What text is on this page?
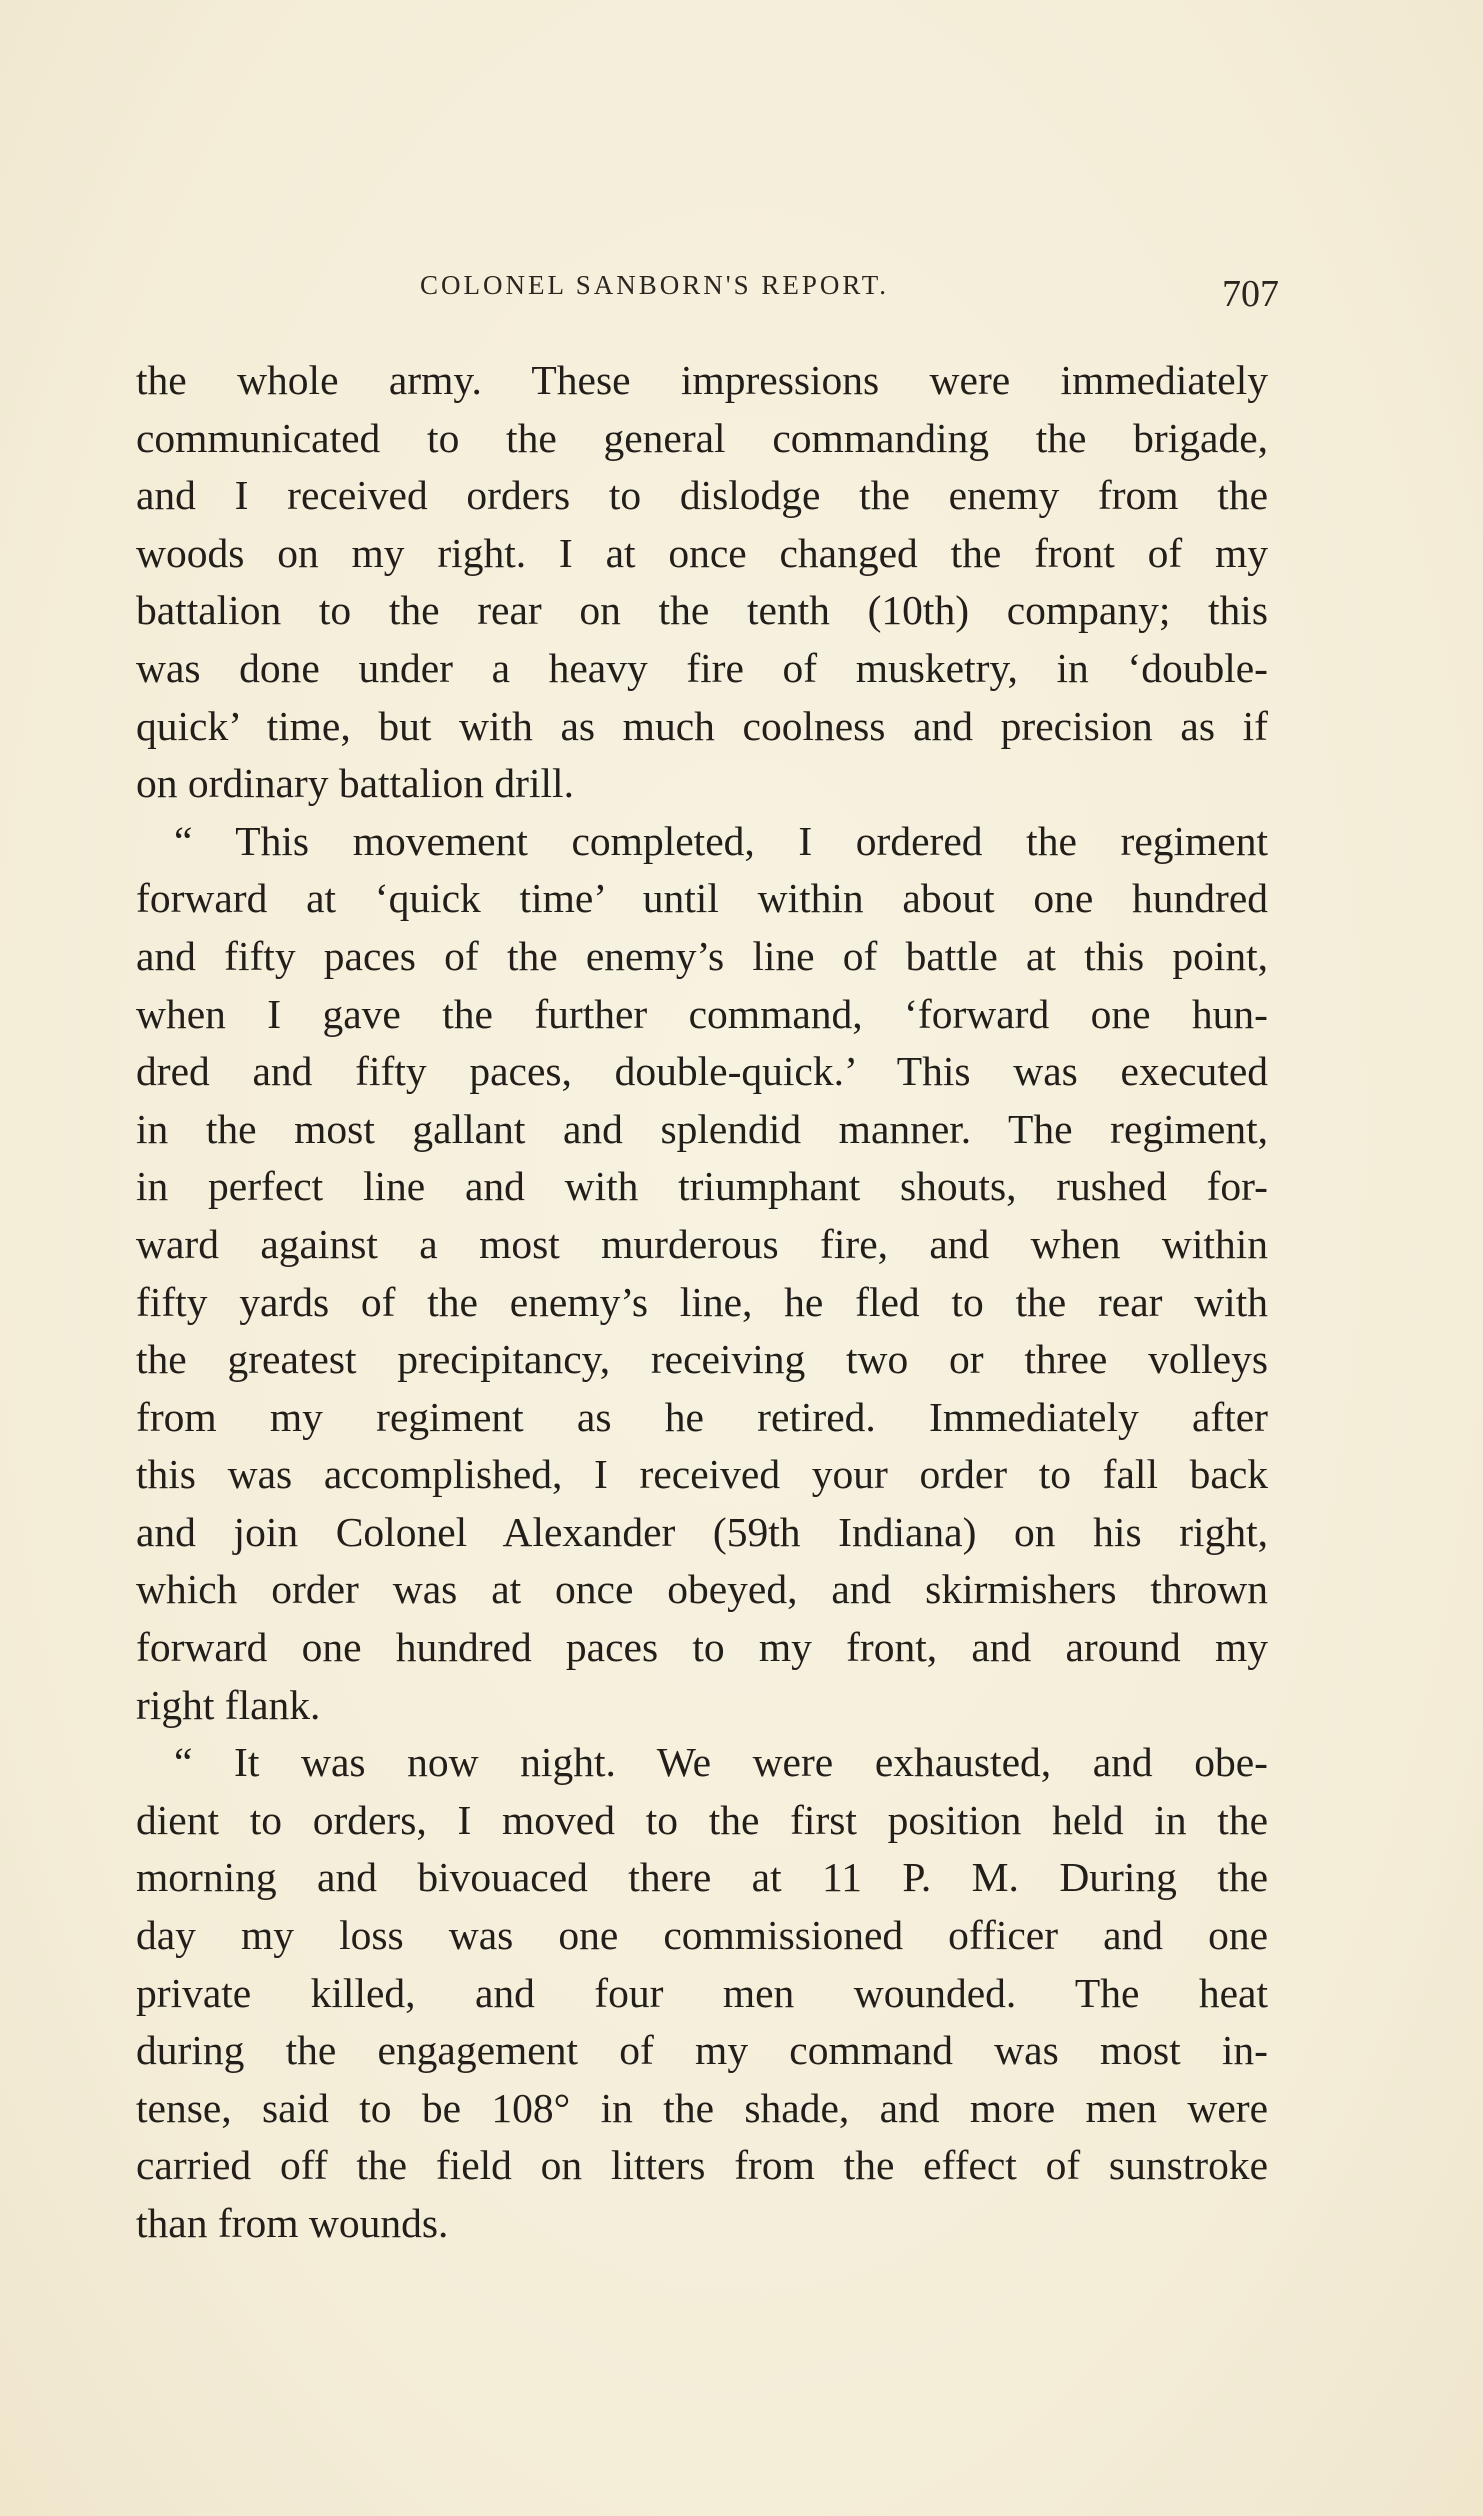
COLONEL SANBORN'S REPORT.	707
the whole army. These impressions were immediately
communicated to the general commanding the brigade,
and I received orders to dislodge the enemy from the
woods on my right. I at once changed the front of my
battalion to the rear on the tenth (10th) company; this
was done under a heavy fire of musketry, in ‘double-
quick’ time, but with as much coolness and precision as if
on ordinary battalion drill.
“ This movement completed, I ordered the regiment
forward at ‘quick time’ until within about one hundred
and fifty paces of the enemy’s line of battle at this point,
when I gave the further command, ‘forward one hun-
dred and fifty paces, double-quick.’ This was executed
in the most gallant and splendid manner. The regiment,
in perfect line and with triumphant shouts, rushed for-
ward against a most murderous fire, and when within
fifty yards of the enemy’s line, he fled to the rear with
the greatest precipitancy, receiving two or three volleys
from my regiment as he retired. Immediately after
this was accomplished, I received your order to fall back
and join Colonel Alexander (59th Indiana) on his right,
which order was at once obeyed, and skirmishers thrown
forward one hundred paces to my front, and around my
right flank.
“ It was now night. We were exhausted, and obe-
dient to orders, I moved to the first position held in the
morning and bivouaced there at 11 P. M. During the
day my loss was one commissioned officer and one
private killed, and four men wounded. The heat
during the engagement of my command was most in-
tense, said to be 108° in the shade, and more men were
carried off the field on litters from the effect of sunstroke
than from wounds.
